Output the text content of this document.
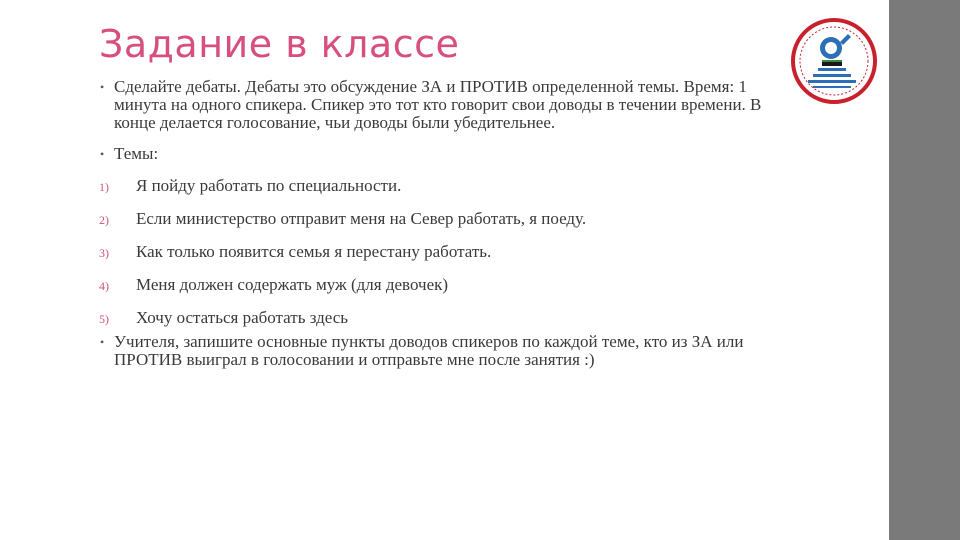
Задание в классе
• Сделайте дебаты. Дебаты это обсуждение ЗА и ПРОТИВ определенной темы. Время: 1 минута на одного спикера. Спикер это тот кто говорит свои доводы в течении времени. В конце делается голосование, чьи доводы были убедительнее.
• Темы:
1) Я пойду работать по специальности.
2) Если министерство отправит меня на Север работать, я поеду.
3) Как только появится семья я перестану работать.
4) Меня должен содержать муж (для девочек)
5) Хочу остаться работать здесь
• Учителя, запишите основные пункты доводов спикеров по каждой теме, кто из ЗА или ПРОТИВ выиграл в голосовании и отправьте мне после занятия :)
